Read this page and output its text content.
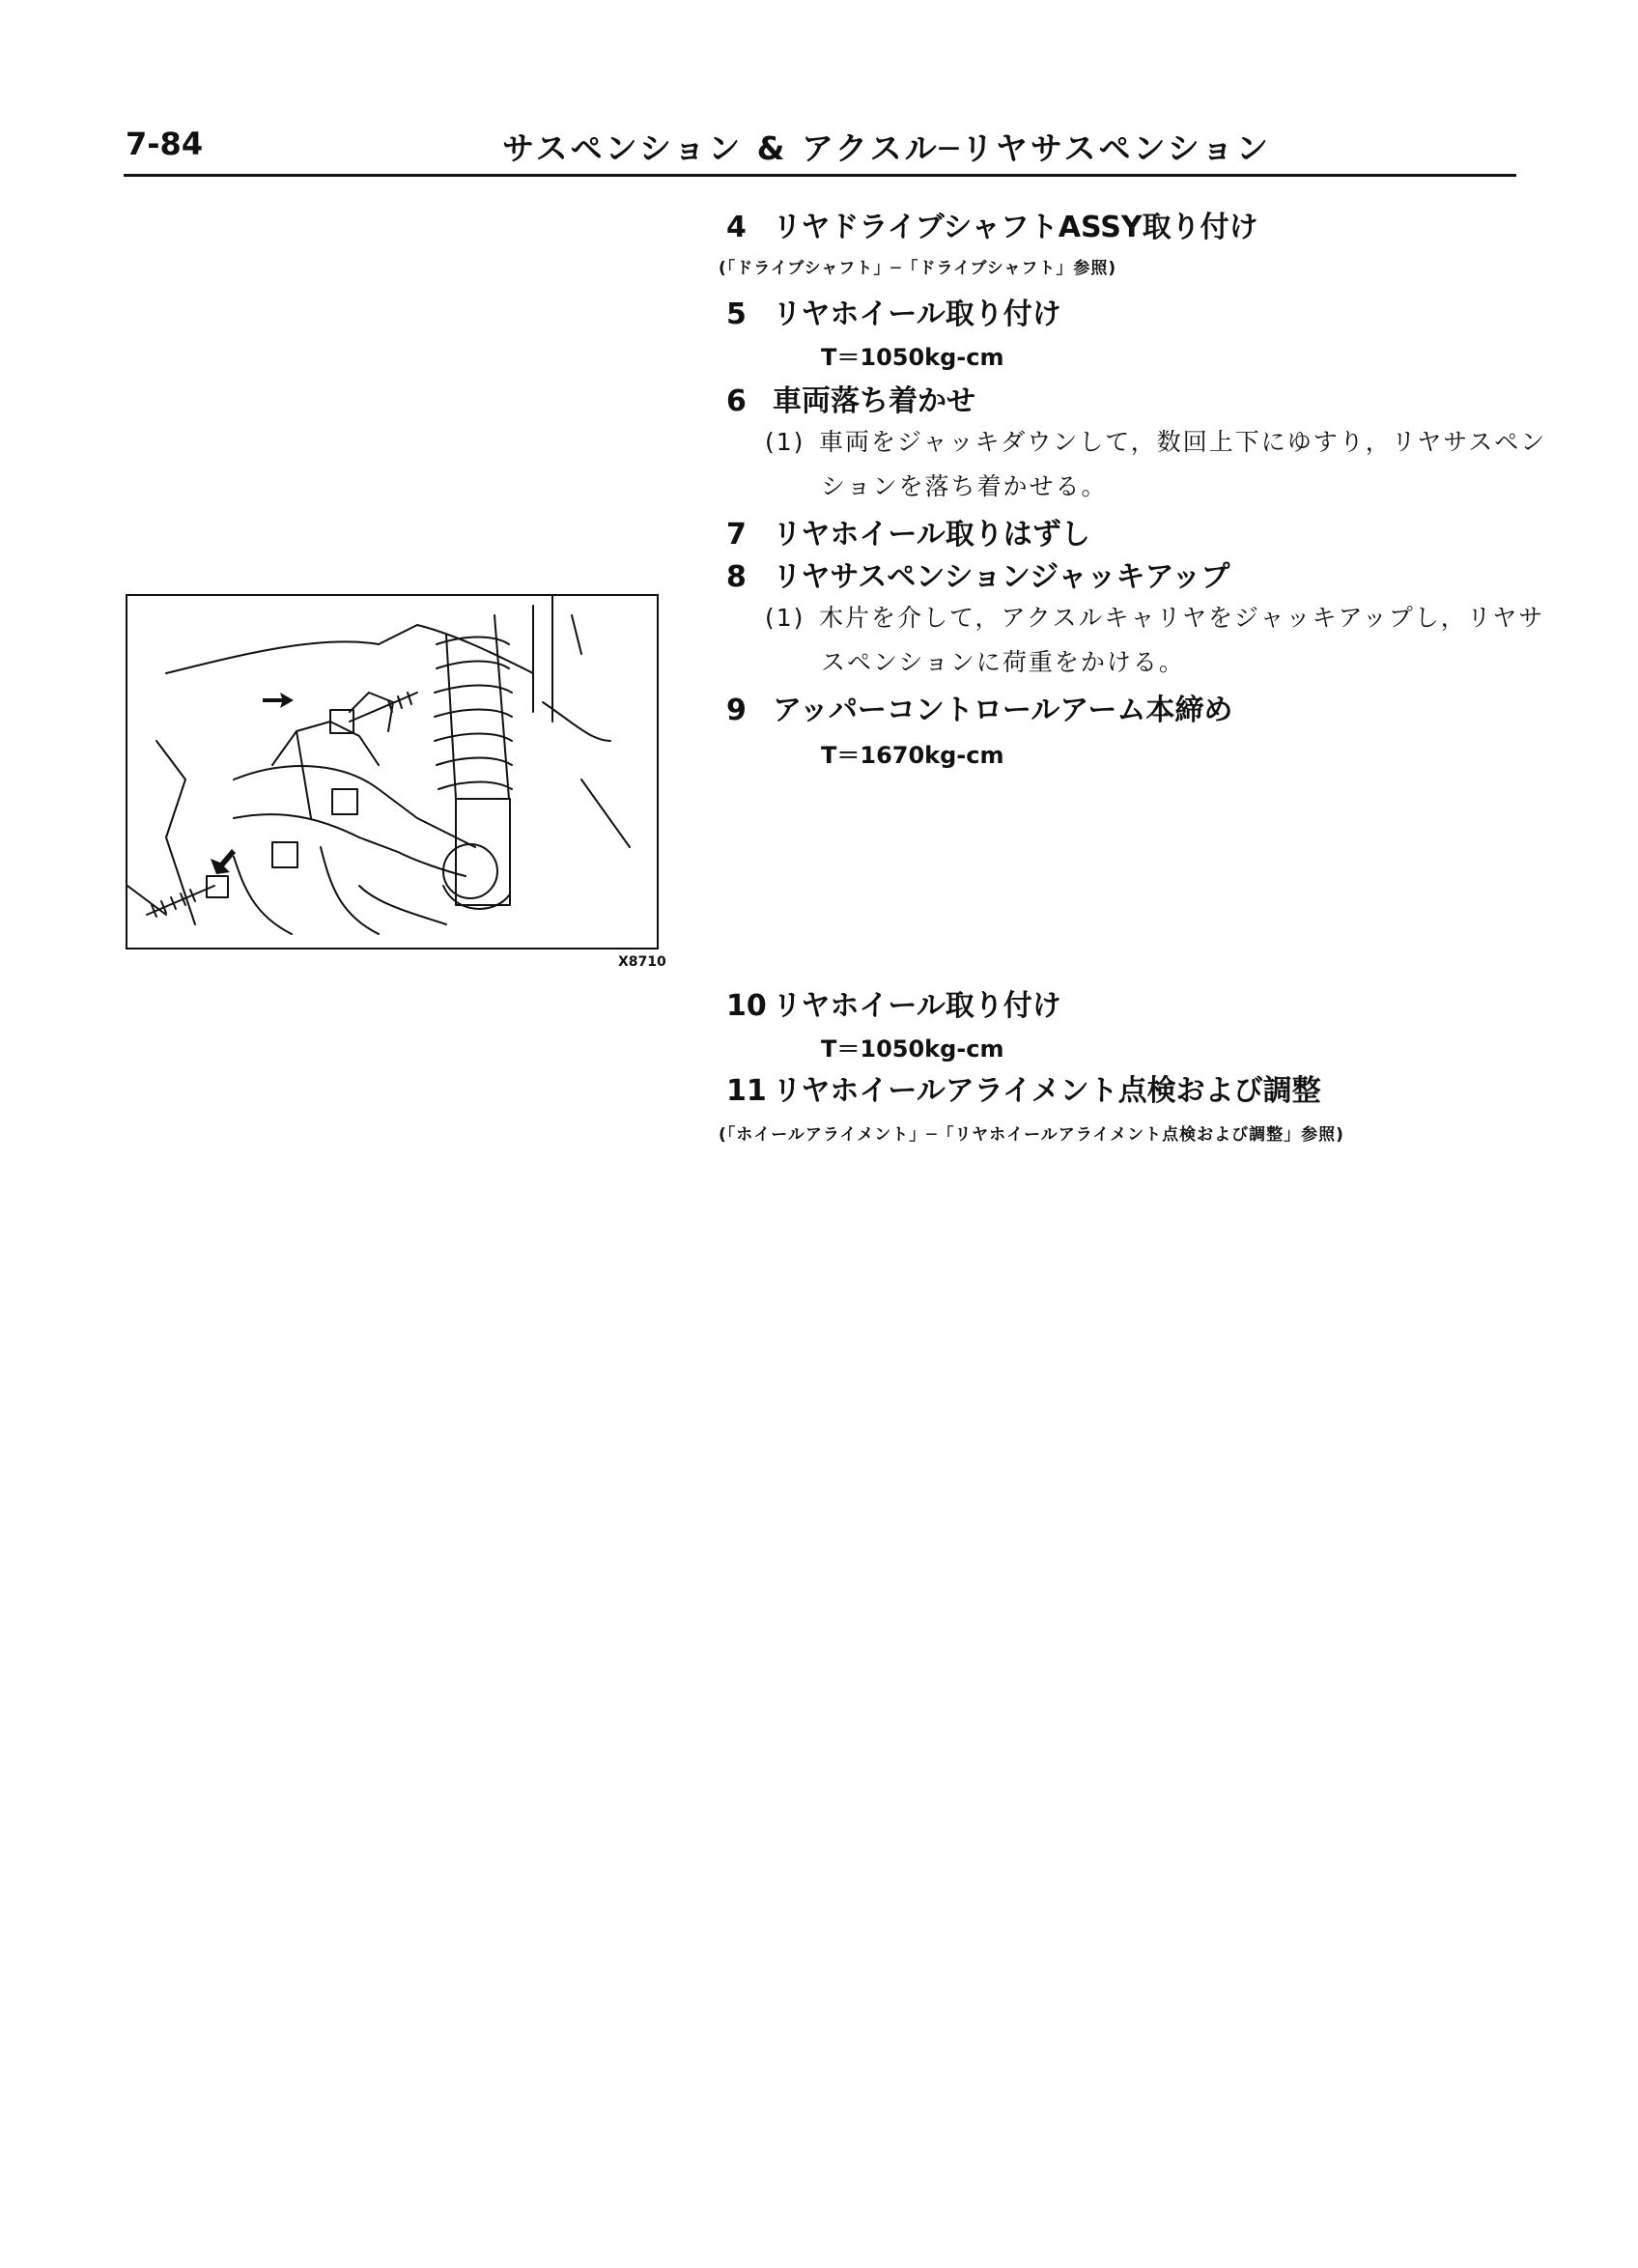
7-84	サスペンション & アクスル─リヤサスペンション
4 リヤドライブシャフトASSY取り付け
(「ドライブシャフト」─「ドライブシャフト」参照)
5 リヤホイール取り付け
T＝1050kg-cm
6 車両落ち着かせ
(1) 車両をジャッキダウンして，数回上下にゆすり，リヤサスペン
ションを落ち着かせる。
7 リヤホイール取りはずし
8 リヤサスペンションジャッキアップ
(1) 木片を介して，アクスルキャリヤをジャッキアップし，リヤサ
スペンションに荷重をかける。
9 アッパーコントロールアーム本締め
T＝1670kg-cm
X8710
10 リヤホイール取り付け
T＝1050kg-cm
11 リヤホイールアライメント点検および調整
(「ホイールアライメント」─「リヤホイールアライメント点検および調整」参照)
